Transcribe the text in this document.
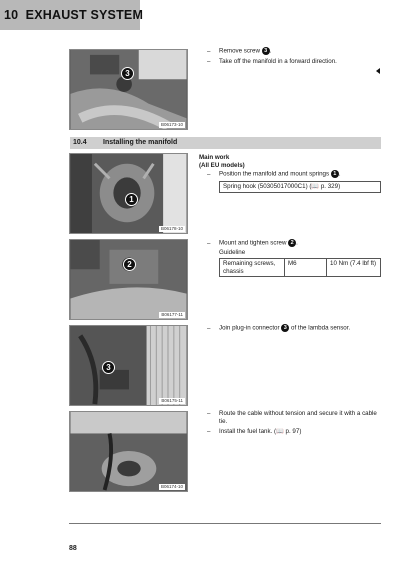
10 EXHAUST SYSTEM
3
B06173-10
– Remove screw 3 .
– Take off the manifold in a forward direction.
10.4 Installing the manifold
Main work
(All EU models)
1
B06178-10
– Position the manifold and mount springs 1 .
Spring hook (50305017000C1) (📖 p. 329)
2
B06177-11
– Mount and tighten screw 2 .
Guideline
Remaining screws, chassis	M6	10 Nm (7.4 lbf ft)
3
B06175-11
– Join plug-in connector 3 of the lambda sensor.
B06174-10
–	Route the cable without tension and secure it with a cable tie.
– Install the fuel tank. (📖 p. 97)
88
